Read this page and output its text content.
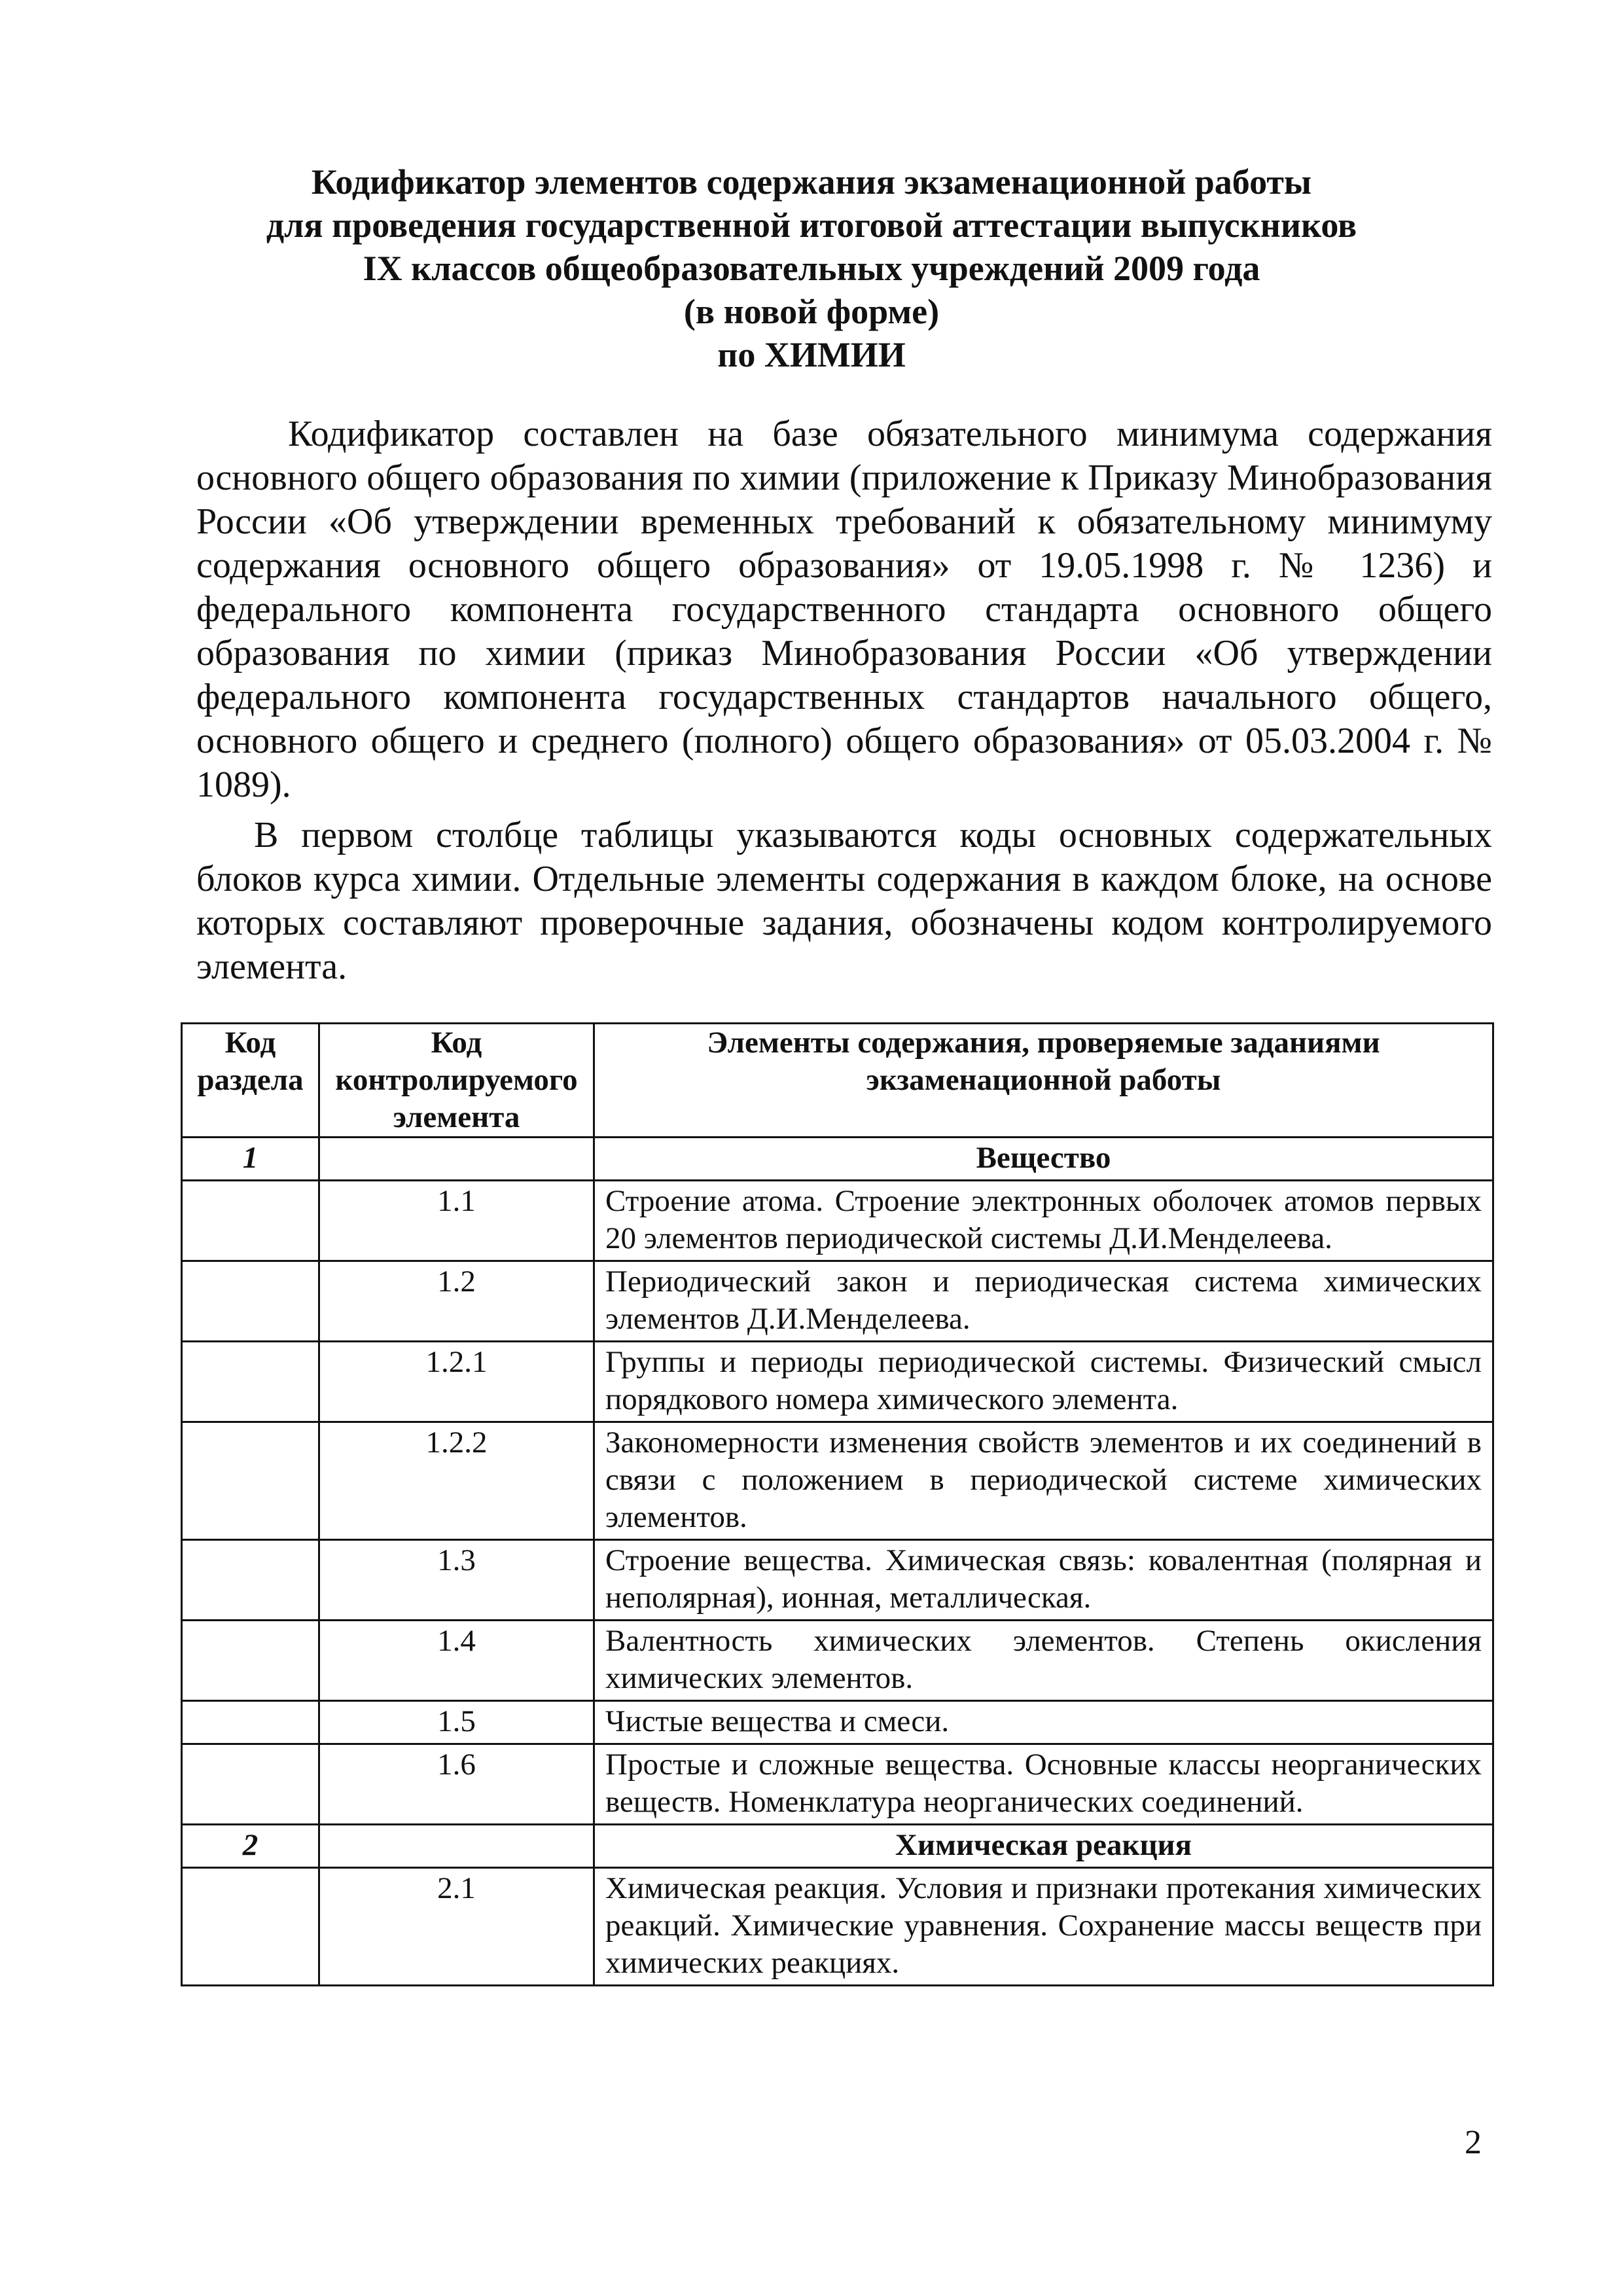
Кодификатор элементов содержания экзаменационной работы
для проведения государственной итоговой аттестации выпускников
IX классов общеобразовательных учреждений 2009 года
(в новой форме)
по ХИМИИ

Кодификатор составлен на базе обязательного минимума содержания основного общего образования по химии (приложение к Приказу Минобразования России «Об утверждении временных требований к обязательному минимуму содержания основного общего образования» от 19.05.1998 г. № 1236) и федерального компонента государственного стандарта основного общего образования по химии (приказ Минобразования России «Об утверждении федерального компонента государственных стандартов начального общего, основного общего и среднего (полного) общего образования» от 05.03.2004 г. № 1089).

В первом столбце таблицы указываются коды основных содержательных блоков курса химии. Отдельные элементы содержания в каждом блоке, на основе которых составляют проверочные задания, обозначены кодом контролируемого элемента.

Код раздела	Код контролируемого элемента	Элементы содержания, проверяемые заданиями экзаменационной работы
1		Вещество
	1.1	Строение атома. Строение электронных оболочек атомов первых 20 элементов периодической системы Д.И.Менделеева.
	1.2	Периодический закон и периодическая система химических элементов Д.И.Менделеева.
	1.2.1	Группы и периоды периодической системы. Физический смысл порядкового номера химического элемента.
	1.2.2	Закономерности изменения свойств элементов и их соединений в связи с положением в периодической системе химических элементов.
	1.3	Строение вещества. Химическая связь: ковалентная (полярная и неполярная), ионная, металлическая.
	1.4	Валентность химических элементов. Степень окисления химических элементов.
	1.5	Чистые вещества и смеси.
	1.6	Простые и сложные вещества. Основные классы неорганических веществ. Номенклатура неорганических соединений.
2		Химическая реакция
	2.1	Химическая реакция. Условия и признаки протекания химических реакций. Химические уравнения. Сохранение массы веществ при химических реакциях.
2
